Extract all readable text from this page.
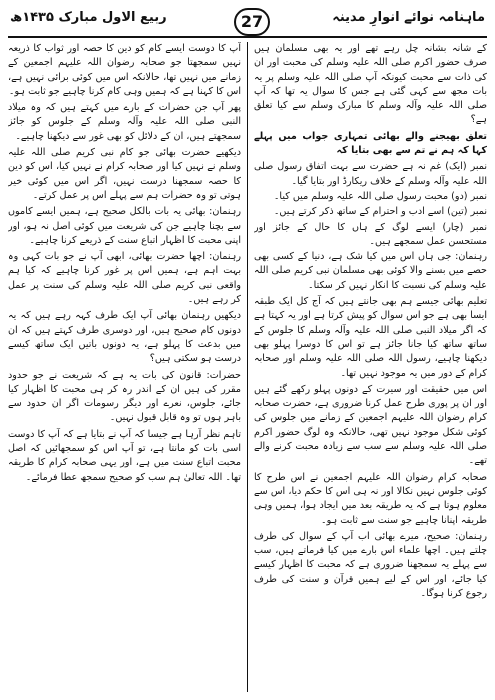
ماہنامہ نوائے انوارِ مدینہ
27
ربیع الاول مبارک ۱۴۳۵ھ

کے شانہ بشانہ چل رہے تھے اور یہ بھی مسلمان ہیں صرف حضور اکرم صلی اللہ علیہ وسلم کی محبت اور ان کی ذات سے محبت کیونکہ آپ صلی اللہ علیہ وسلم پر یہ بات مجھ سے کہی گئی ہے جس کا سوال یہ تھا کہ آپ صلی اللہ علیہ وآلہ وسلم کا مبارک وسلم سے کیا تعلق ہے؟

تعلق بھیجنے والے بھائی تمہاری جواب میں پہلے کہا کہ ہم نے تم سے بھی بتایا کہ

نمبر (ایک) غم نہ ہے حضرت سے بہت اتفاق رسول صلی اللہ علیہ وآلہ وسلم کے خلاف ریکارڈ اور بتایا گیا۔

نمبر (دو) محبت رسول صلی اللہ علیہ وسلم میں کیا۔

نمبر (تین) اسے ادب و احترام کے ساتھ ذکر کرتے ہیں۔

نمبر (چار) ایسے لوگ کے ہاں کا حال کے جائز اور مستحسن عمل سمجھے ہیں۔

رہنمان: جی ہاں اس میں کیا شک ہے، دنیا کے کسی بھی حصے میں بسنے والا کوئی بھی مسلمان نبی کریم صلی اللہ علیہ وسلم کی نسبت کا انکار نہیں کر سکتا۔

تعلیم بھائی جیسے ہم بھی جانتے ہیں کہ آج کل ایک طبقہ ایسا بھی ہے جو اس سوال کو پیش کرتا ہے اور یہ کہتا ہے کہ اگر میلاد النبی صلی اللہ علیہ وآلہ وسلم کا جلوس کے ساتھ ساتھ کیا جانا جائز ہے تو اس کا دوسرا پہلو بھی دیکھنا چاہیے، رسول اللہ صلی اللہ علیہ وسلم اور صحابہ کرام کے دور میں یہ موجود نہیں تھا۔

اس میں حقیقت اور سیرت کے دونوں پہلو رکھے گئے ہیں اور ان پر پوری طرح عمل کرنا ضروری ہے، حضرت صحابہ کرام رضوان اللہ علیہم اجمعین کے زمانے میں جلوس کی کوئی شکل موجود نہیں تھی، حالانکہ وہ لوگ حضور اکرم صلی اللہ علیہ وسلم سے سب سے زیادہ محبت کرنے والے تھے۔

صحابہ کرام رضوان اللہ علیہم اجمعین نے اس طرح کا کوئی جلوس نہیں نکالا اور نہ ہی اس کا حکم دیا، اس سے معلوم ہوتا ہے کہ یہ طریقہ بعد میں ایجاد ہوا، ہمیں وہی طریقہ اپنانا چاہیے جو سنت سے ثابت ہو۔

رہنمان: صحیح، میرے بھائی اب آپ کے سوال کی طرف چلتے ہیں۔ اچھا علماء اس بارے میں کیا فرماتے ہیں، سب سے پہلے یہ سمجھنا ضروری ہے کہ محبت کا اظہار کیسے کیا جائے، اور اس کے لیے ہمیں قرآن و سنت کی طرف رجوع کرنا ہوگا۔

آپ کا دوست ایسے کام کو دین کا حصہ اور ثواب کا ذریعہ نہیں سمجھتا جو صحابہ رضوان اللہ علیہم اجمعین کے زمانے میں نہیں تھا، حالانکہ اس میں کوئی برائی نہیں ہے، اس کا کہنا ہے کہ ہمیں وہی کام کرنا چاہیے جو ثابت ہو۔

پھر آپ جن حضرات کے بارے میں کہتے ہیں کہ وہ میلاد النبی صلی اللہ علیہ وآلہ وسلم کے جلوس کو جائز سمجھتے ہیں، ان کے دلائل کو بھی غور سے دیکھنا چاہیے۔

دیکھیے حضرت بھائی جو کام نبی کریم صلی اللہ علیہ وسلم نے نہیں کیا اور صحابہ کرام نے نہیں کیا، اس کو دین کا حصہ سمجھنا درست نہیں، اگر اس میں کوئی خیر ہوتی تو وہ حضرات ہم سے پہلے اس پر عمل کرتے۔

رہنمان: بھائی یہ بات بالکل صحیح ہے، ہمیں ایسے کاموں سے بچنا چاہیے جن کی شریعت میں کوئی اصل نہ ہو، اور اپنی محبت کا اظہار اتباع سنت کے ذریعے کرنا چاہیے۔

رہنمان: اچھا حضرت بھائی، ابھی آپ نے جو بات کہی وہ بہت اہم ہے، ہمیں اس پر غور کرنا چاہیے کہ کیا ہم واقعی نبی کریم صلی اللہ علیہ وسلم کی سنت پر عمل کر رہے ہیں۔

دیکھیں رہنمان بھائی آپ ایک طرف کہہ رہے ہیں کہ یہ دونوں کام صحیح ہیں، اور دوسری طرف کہتے ہیں کہ ان میں بدعت کا پہلو ہے، یہ دونوں باتیں ایک ساتھ کیسے درست ہو سکتی ہیں؟

حضرات: قانون کی بات یہ ہے کہ شریعت نے جو حدود مقرر کی ہیں ان کے اندر رہ کر ہی محبت کا اظہار کیا جائے، جلوس، نعرے اور دیگر رسومات اگر ان حدود سے باہر ہوں تو وہ قابل قبول نہیں۔

تاہم نظر آرہا ہے جیسا کہ آپ نے بتایا ہے کہ آپ کا دوست اسی بات کو مانتا ہے، تو آپ اس کو سمجھائیں کہ اصل محبت اتباع سنت میں ہے، اور یہی صحابہ کرام کا طریقہ تھا۔ اللہ تعالیٰ ہم سب کو صحیح سمجھ عطا فرمائے۔
